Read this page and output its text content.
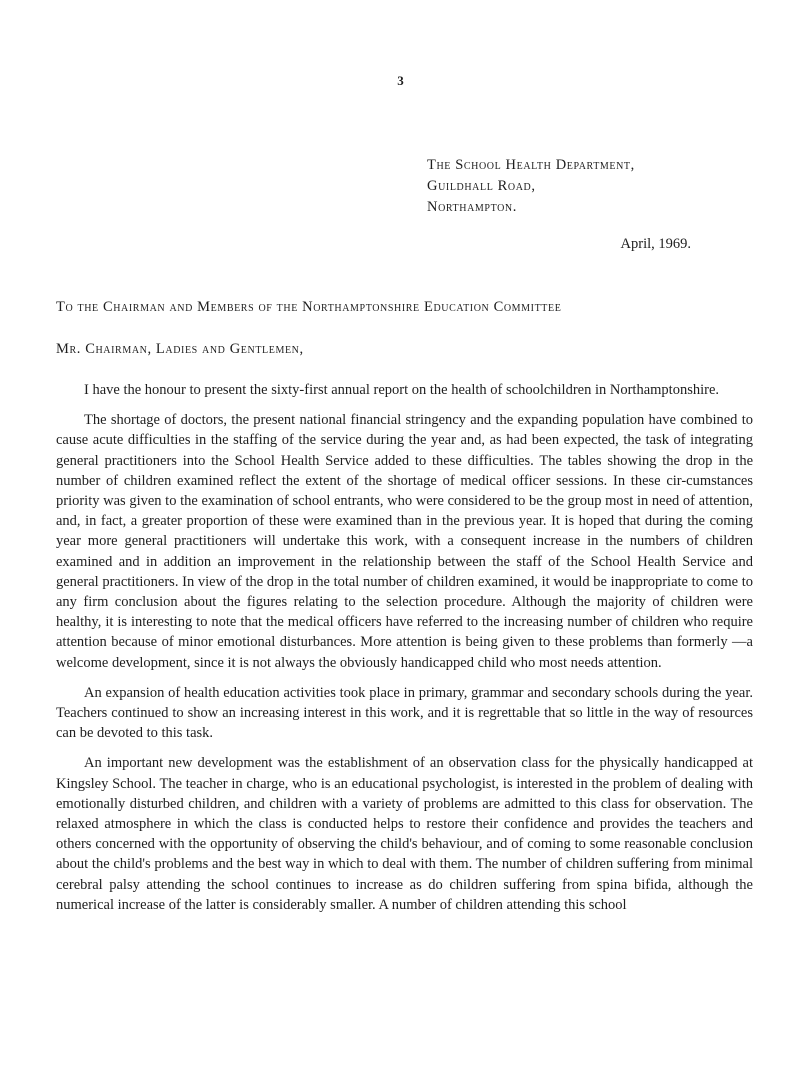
3
The School Health Department,
Guildhall Road,
Northampton.
April, 1969.
To the Chairman and Members of the Northamptonshire Education Committee
Mr. Chairman, Ladies and Gentlemen,

I have the honour to present the sixty-first annual report on the health of schoolchildren in Northamptonshire.

The shortage of doctors, the present national financial stringency and the expanding population have combined to cause acute difficulties in the staffing of the service during the year and, as had been expected, the task of integrating general practitioners into the School Health Service added to these difficulties. The tables showing the drop in the number of children examined reflect the extent of the shortage of medical officer sessions. In these cir-cumstances priority was given to the examination of school entrants, who were considered to be the group most in need of attention, and, in fact, a greater proportion of these were examined than in the previous year. It is hoped that during the coming year more general practitioners will undertake this work, with a consequent increase in the numbers of children examined and in addition an improvement in the relationship between the staff of the School Health Service and general practitioners. In view of the drop in the total number of children examined, it would be inappropriate to come to any firm conclusion about the figures relating to the selection procedure. Although the majority of children were healthy, it is interesting to note that the medical officers have referred to the increasing number of children who require attention because of minor emotional disturbances. More attention is being given to these problems than formerly —a welcome development, since it is not always the obviously handicapped child who most needs attention.

An expansion of health education activities took place in primary, grammar and secondary schools during the year. Teachers continued to show an increasing interest in this work, and it is regrettable that so little in the way of resources can be devoted to this task.

An important new development was the establishment of an observation class for the physically handicapped at Kingsley School. The teacher in charge, who is an educational psychologist, is interested in the problem of dealing with emotionally disturbed children, and children with a variety of problems are admitted to this class for observation. The relaxed atmosphere in which the class is conducted helps to restore their confidence and provides the teachers and others concerned with the opportunity of observing the child's behaviour, and of coming to some reasonable conclusion about the child's problems and the best way in which to deal with them. The number of children suffering from minimal cerebral palsy attending the school continues to increase as do children suffering from spina bifida, although the numerical increase of the latter is considerably smaller. A number of children attending this school
